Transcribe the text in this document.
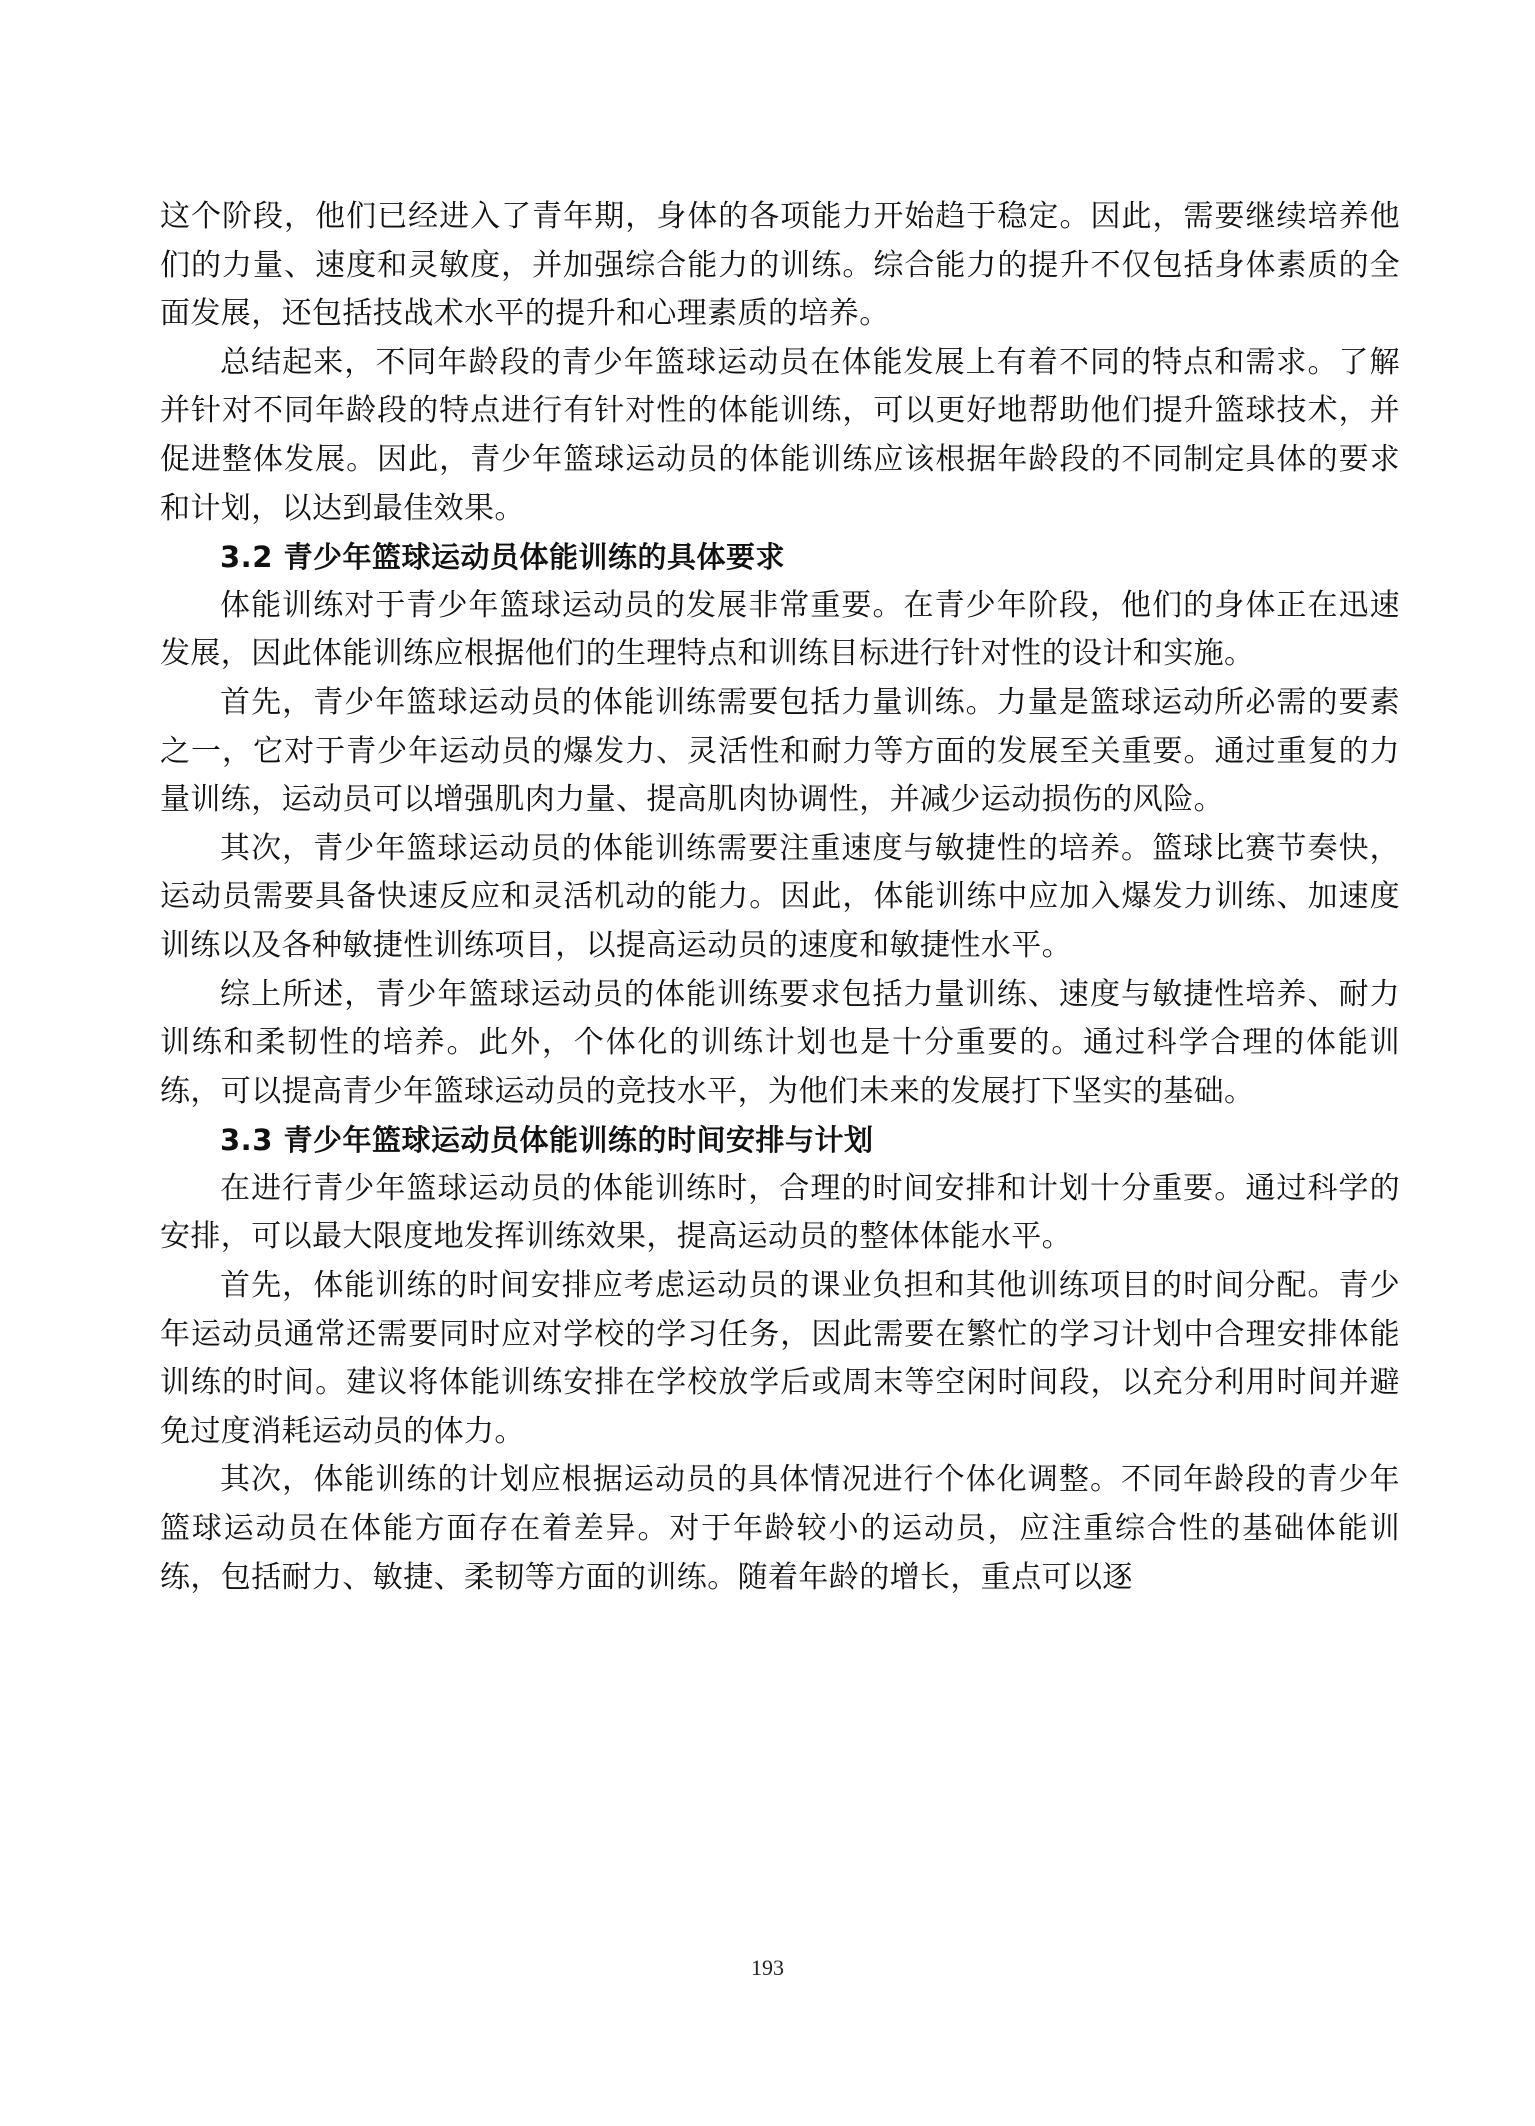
这个阶段，他们已经进入了青年期，身体的各项能力开始趋于稳定。因此，需要继续培养他们的力量、速度和灵敏度，并加强综合能力的训练。综合能力的提升不仅包括身体素质的全面发展，还包括技战术水平的提升和心理素质的培养。

总结起来，不同年龄段的青少年篮球运动员在体能发展上有着不同的特点和需求。了解并针对不同年龄段的特点进行有针对性的体能训练，可以更好地帮助他们提升篮球技术，并促进整体发展。因此，青少年篮球运动员的体能训练应该根据年龄段的不同制定具体的要求和计划，以达到最佳效果。

3.2 青少年篮球运动员体能训练的具体要求

体能训练对于青少年篮球运动员的发展非常重要。在青少年阶段，他们的身体正在迅速发展，因此体能训练应根据他们的生理特点和训练目标进行针对性的设计和实施。

首先，青少年篮球运动员的体能训练需要包括力量训练。力量是篮球运动所必需的要素之一，它对于青少年运动员的爆发力、灵活性和耐力等方面的发展至关重要。通过重复的力量训练，运动员可以增强肌肉力量、提高肌肉协调性，并减少运动损伤的风险。

其次，青少年篮球运动员的体能训练需要注重速度与敏捷性的培养。篮球比赛节奏快，运动员需要具备快速反应和灵活机动的能力。因此，体能训练中应加入爆发力训练、加速度训练以及各种敏捷性训练项目，以提高运动员的速度和敏捷性水平。

综上所述，青少年篮球运动员的体能训练要求包括力量训练、速度与敏捷性培养、耐力训练和柔韧性的培养。此外，个体化的训练计划也是十分重要的。通过科学合理的体能训练，可以提高青少年篮球运动员的竞技水平，为他们未来的发展打下坚实的基础。

3.3 青少年篮球运动员体能训练的时间安排与计划

在进行青少年篮球运动员的体能训练时，合理的时间安排和计划十分重要。通过科学的安排，可以最大限度地发挥训练效果，提高运动员的整体体能水平。

首先，体能训练的时间安排应考虑运动员的课业负担和其他训练项目的时间分配。青少年运动员通常还需要同时应对学校的学习任务，因此需要在繁忙的学习计划中合理安排体能训练的时间。建议将体能训练安排在学校放学后或周末等空闲时间段，以充分利用时间并避免过度消耗运动员的体力。

其次，体能训练的计划应根据运动员的具体情况进行个体化调整。不同年龄段的青少年篮球运动员在体能方面存在着差异。对于年龄较小的运动员，应注重综合性的基础体能训练，包括耐力、敏捷、柔韧等方面的训练。随着年龄的增长，重点可以逐

193
